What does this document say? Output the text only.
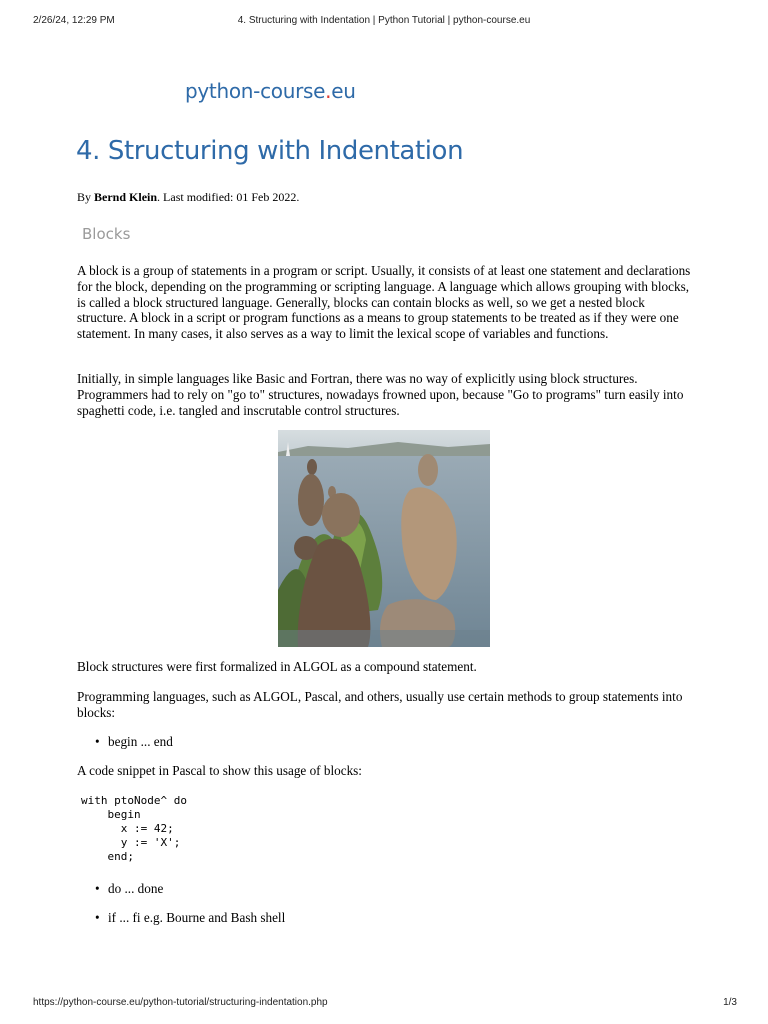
2/26/24, 12:29 PM	4. Structuring with Indentation | Python Tutorial | python-course.eu
python-course.eu
4. Structuring with Indentation
By Bernd Klein. Last modified: 01 Feb 2022.
Blocks

A block is a group of statements in a program or script. Usually, it consists of at least one statement and declarations for the block, depending on the programming or scripting language. A language which allows grouping with blocks, is called a block structured language. Generally, blocks can contain blocks as well, so we get a nested block structure. A block in a script or program functions as a means to group statements to be treated as if they were one statement. In many cases, it also serves as a way to limit the lexical scope of variables and functions.

Initially, in simple languages like Basic and Fortran, there was no way of explicitly using block structures. Programmers had to rely on "go to" structures, nowadays frowned upon, because "Go to programs" turn easily into spaghetti code, i.e. tangled and inscrutable control structures.

Block structures were first formalized in ALGOL as a compound statement.

Programming languages, such as ALGOL, Pascal, and others, usually use certain methods to group statements into blocks:

• begin ... end

A code snippet in Pascal to show this usage of blocks:

with ptoNode^ do
begin
x := 42;
y := 'X';
end;
• do ... done
• if ... fi e.g. Bourne and Bash shell
https://python-course.eu/python-tutorial/structuring-indentation.php	1/3
